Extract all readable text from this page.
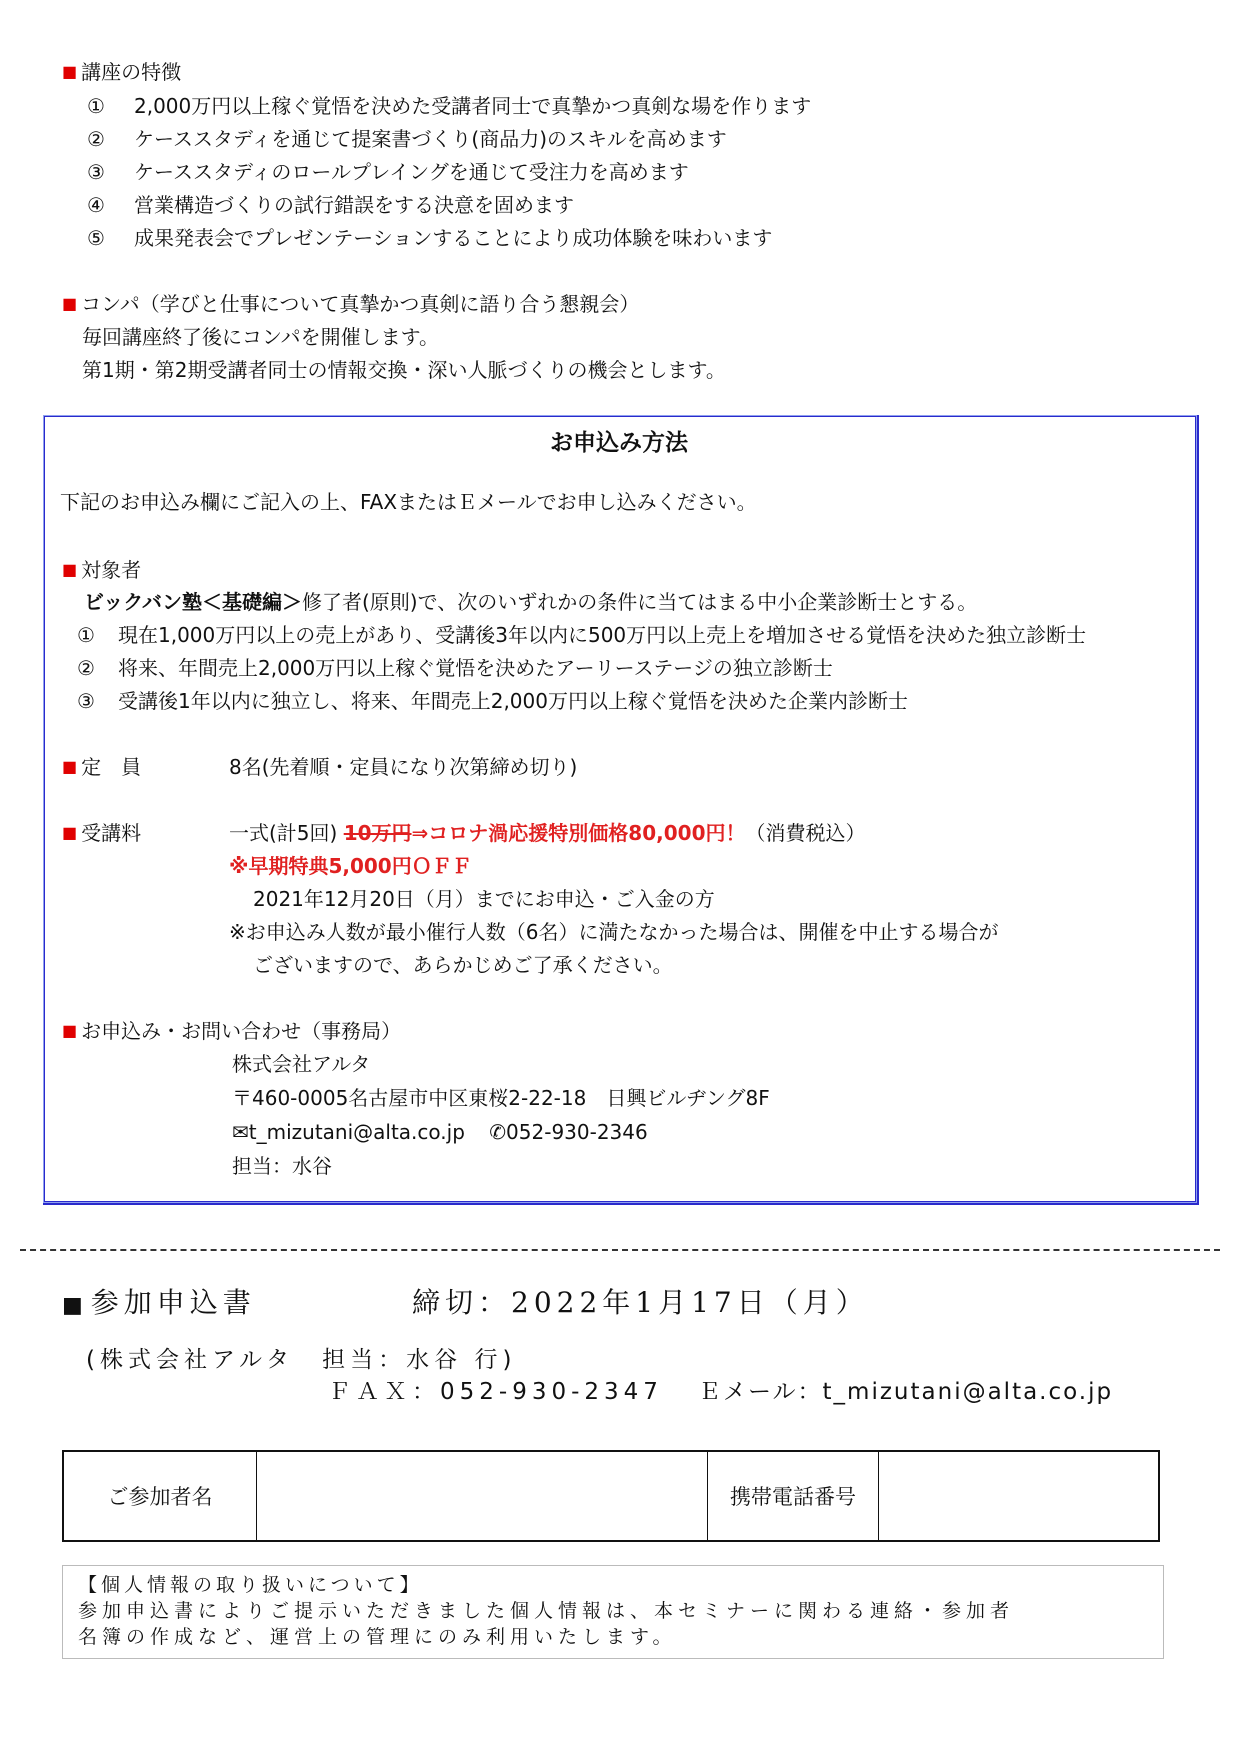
■ 講座の特徴
① 2,000万円以上稼ぐ覚悟を決めた受講者同士で真摯かつ真剣な場を作ります
② ケーススタディを通じて提案書づくり(商品力)のスキルを高めます
③ ケーススタディのロールプレイングを通じて受注力を高めます
④ 営業構造づくりの試行錯誤をする決意を固めます
⑤ 成果発表会でプレゼンテーションすることにより成功体験を味わいます
■ コンパ（学びと仕事について真摯かつ真剣に語り合う懇親会）
毎回講座終了後にコンパを開催します。
第1期・第2期受講者同士の情報交換・深い人脈づくりの機会とします。
お申込み方法
下記のお申込み欄にご記入の上、FAXまたはＥメールでお申し込みください。
■ 対象者
ビックバン塾＜基礎編＞修了者(原則)で、次のいずれかの条件に当てはまる中小企業診断士とする。
① 現在1,000万円以上の売上があり、受講後3年以内に500万円以上売上を増加させる覚悟を決めた独立診断士
② 将来、年間売上2,000万円以上稼ぐ覚悟を決めたアーリーステージの独立診断士
③ 受講後1年以内に独立し、将来、年間売上2,000万円以上稼ぐ覚悟を決めた企業内診断士
■ 定　員	8名(先着順・定員になり次第締め切り)
■ 受講料	一式(計5回) 10万円⇒コロナ渦応援特別価格80,000円！（消費税込）
※早期特典5,000円ＯＦＦ
2021年12月20日（月）までにお申込・ご入金の方
※お申込み人数が最小催行人数（6名）に満たなかった場合は、開催を中止する場合が
ございますので、あらかじめご了承ください。
■ お申込み・お問い合わせ（事務局）
株式会社アルタ
〒460-0005名古屋市中区東桜2-22-18　日興ビルヂング8F
✉t_mizutani@alta.co.jp ✆052-930-2346
担当：水谷
■ 参加申込書	締切：2022年1月17日（月）
(株式会社アルタ　担当：水谷 行)
ＦＡＸ：052-930-2347 Ｅメール：t_mizutani@alta.co.jp
ご参加者名		携帯電話番号	
【個人情報の取り扱いについて】
参加申込書によりご提示いただきました個人情報は、本セミナーに関わる連絡・参加者
名簿の作成など、運営上の管理にのみ利用いたします。
